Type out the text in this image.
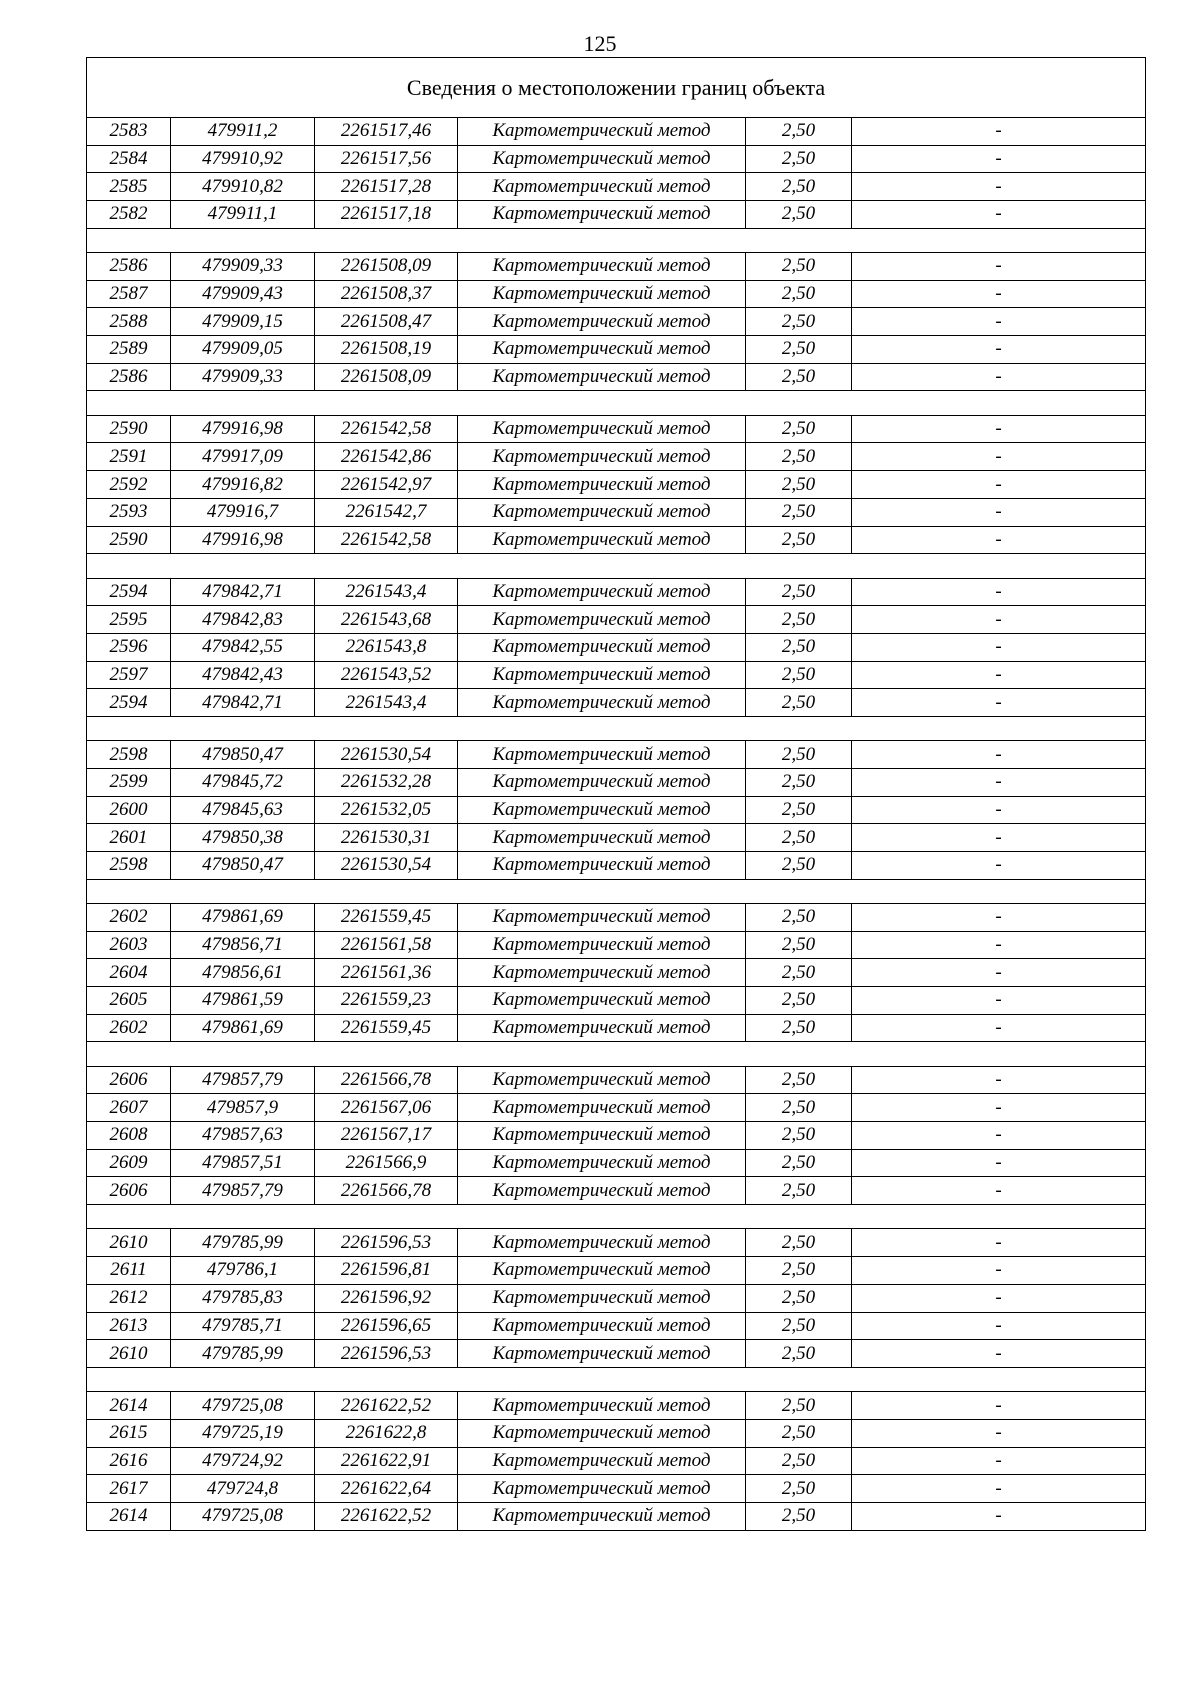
125
Сведения о местоположении границ объекта					
2583	479911,2	2261517,46	Картометрический метод	2,50	-
2584	479910,92	2261517,56	Картометрический метод	2,50	-
2585	479910,82	2261517,28	Картометрический метод	2,50	-
2582	479911,1	2261517,18	Картометрический метод	2,50	-

2586	479909,33	2261508,09	Картометрический метод	2,50	-
2587	479909,43	2261508,37	Картометрический метод	2,50	-
2588	479909,15	2261508,47	Картометрический метод	2,50	-
2589	479909,05	2261508,19	Картометрический метод	2,50	-
2586	479909,33	2261508,09	Картометрический метод	2,50	-

2590	479916,98	2261542,58	Картометрический метод	2,50	-
2591	479917,09	2261542,86	Картометрический метод	2,50	-
2592	479916,82	2261542,97	Картометрический метод	2,50	-
2593	479916,7	2261542,7	Картометрический метод	2,50	-
2590	479916,98	2261542,58	Картометрический метод	2,50	-

2594	479842,71	2261543,4	Картометрический метод	2,50	-
2595	479842,83	2261543,68	Картометрический метод	2,50	-
2596	479842,55	2261543,8	Картометрический метод	2,50	-
2597	479842,43	2261543,52	Картометрический метод	2,50	-
2594	479842,71	2261543,4	Картометрический метод	2,50	-

2598	479850,47	2261530,54	Картометрический метод	2,50	-
2599	479845,72	2261532,28	Картометрический метод	2,50	-
2600	479845,63	2261532,05	Картометрический метод	2,50	-
2601	479850,38	2261530,31	Картометрический метод	2,50	-
2598	479850,47	2261530,54	Картометрический метод	2,50	-

2602	479861,69	2261559,45	Картометрический метод	2,50	-
2603	479856,71	2261561,58	Картометрический метод	2,50	-
2604	479856,61	2261561,36	Картометрический метод	2,50	-
2605	479861,59	2261559,23	Картометрический метод	2,50	-
2602	479861,69	2261559,45	Картометрический метод	2,50	-

2606	479857,79	2261566,78	Картометрический метод	2,50	-
2607	479857,9	2261567,06	Картометрический метод	2,50	-
2608	479857,63	2261567,17	Картометрический метод	2,50	-
2609	479857,51	2261566,9	Картометрический метод	2,50	-
2606	479857,79	2261566,78	Картометрический метод	2,50	-

2610	479785,99	2261596,53	Картометрический метод	2,50	-
2611	479786,1	2261596,81	Картометрический метод	2,50	-
2612	479785,83	2261596,92	Картометрический метод	2,50	-
2613	479785,71	2261596,65	Картометрический метод	2,50	-
2610	479785,99	2261596,53	Картометрический метод	2,50	-

2614	479725,08	2261622,52	Картометрический метод	2,50	-
2615	479725,19	2261622,8	Картометрический метод	2,50	-
2616	479724,92	2261622,91	Картометрический метод	2,50	-
2617	479724,8	2261622,64	Картометрический метод	2,50	-
2614	479725,08	2261622,52	Картометрический метод	2,50	-
